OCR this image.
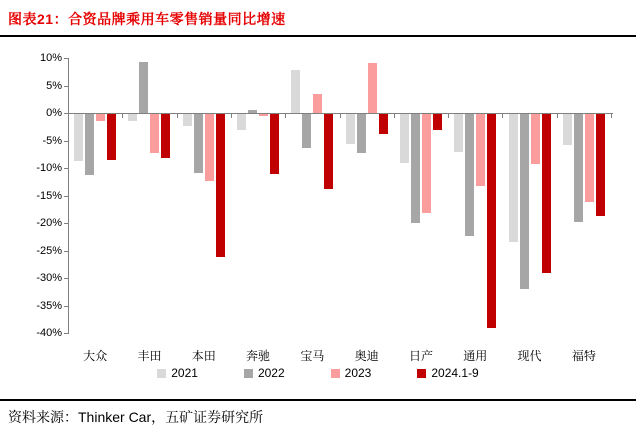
图表21：合资品牌乘用车零售销量同比增速
10%
5%
0%
-5%
-10%
-15%
-20%
-25%
-30%
-35%
-40%
大众	丰田	本田	奔驰	宝马	奥迪	日产	通用	现代	福特
2021	2022	2023	2024.1-9
资料来源：Thinker Car，五矿证券研究所
